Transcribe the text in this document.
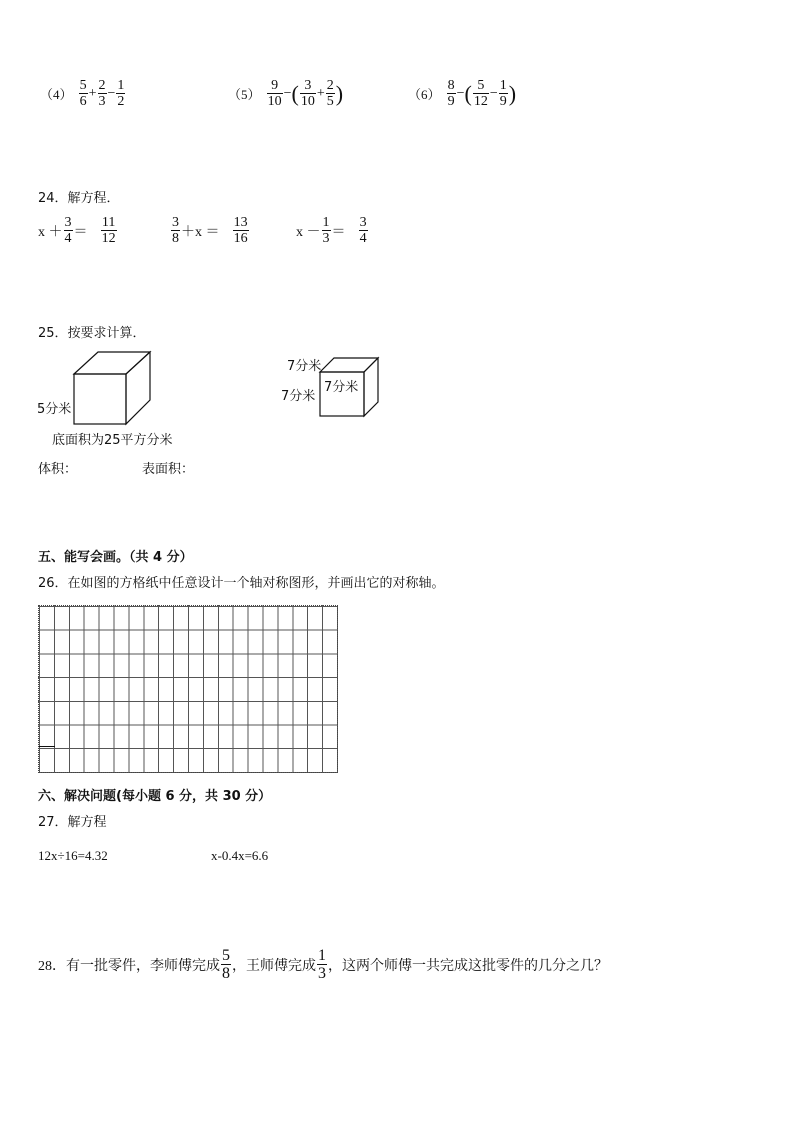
$(4) \frac{5}{6} + \frac{2}{3} - \frac{1}{2}$	$(5) \frac{9}{10}$ −( $\frac{3}{10} + \frac{2}{5}$ )	$(6) \frac{8}{9}$ −( $\frac{5}{12} - \frac{1}{9}$ )
24．解方程．
$x + \frac{3}{4} = \frac{11}{12}$	$\frac{3}{8} +x = \frac{13}{16}$	$x - \frac{1}{3} = \frac{3}{4}$
25．按要求计算．
5分米
底面积为25平方分米
7分米
7分米
7分米
体积：	表面积：
五、能写会画。（共 4 分）
26．在如图的方格纸中任意设计一个轴对称图形，并画出它的对称轴。
六、解决问题(每小题 6 分，共 30 分）
27．解方程
12x÷16=4.32	x-0.4x=6.6
28．有一批零件，李师傅完成 $\frac{5}{8}$ ，王师傅完成 $\frac{1}{3}$ ，这两个师傅一共完成这批零件的几分之几？
